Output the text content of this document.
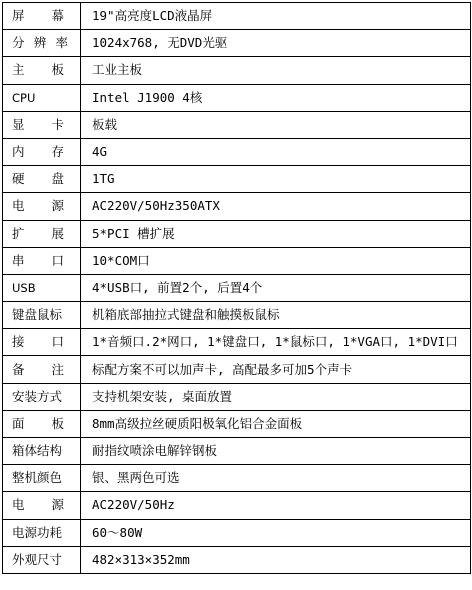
屏 幕	19"高亮度LCD液晶屏

分 辨 率	1024x768, 无DVD光驱

主 板	工业主板
CPU	Intel J1900 4核

显 卡	板载

内 存	4G

硬 盘	1TG

电 源	AC220V/50Hz350ATX

扩 展	5*PCI 槽扩展

串 口	10*COM口
USB	4*USB口, 前置2个, 后置4个
键盘鼠标	机箱底部抽拉式键盘和触摸板鼠标

接 口	1*音频口.2*网口, 1*键盘口, 1*鼠标口, 1*VGA口, 1*DVI口

备 注	标配方案不可以加声卡, 高配最多可加5个声卡
安装方式	支持机架安装, 桌面放置

面 板	8mm高级拉丝硬质阳极氧化铝合金面板
箱体结构	耐指纹喷涂电解锌钢板
整机颜色	银、黑两色可选

电 源	AC220V/50Hz
电源功耗	60～80W
外观尺寸	482×313×352mm
